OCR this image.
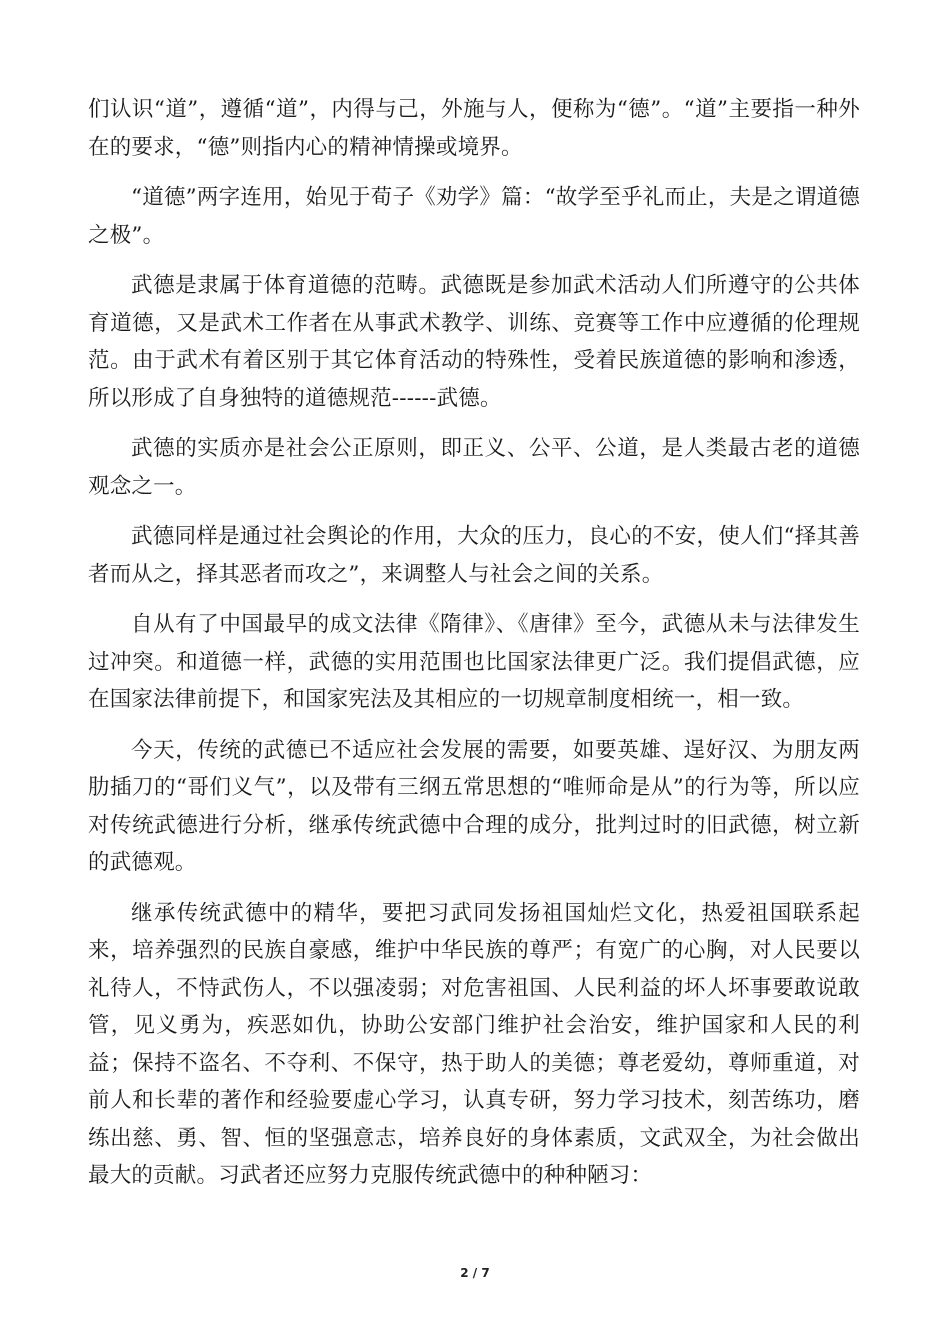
们认识“道”，遵循“道”，内得与己，外施与人，便称为“德”。“道”主要指一种外在的要求，“德”则指内心的精神情操或境界。

“道德”两字连用，始见于荀子《劝学》篇：“故学至乎礼而止，夫是之谓道德之极”。

武德是隶属于体育道德的范畴。武德既是参加武术活动人们所遵守的公共体育道德，又是武术工作者在从事武术教学、训练、竞赛等工作中应遵循的伦理规范。由于武术有着区别于其它体育活动的特殊性，受着民族道德的影响和渗透，所以形成了自身独特的道德规范------武德。

武德的实质亦是社会公正原则，即正义、公平、公道，是人类最古老的道德观念之一。

武德同样是通过社会舆论的作用，大众的压力，良心的不安，使人们“择其善者而从之，择其恶者而攻之”，来调整人与社会之间的关系。

自从有了中国最早的成文法律《隋律》、《唐律》至今，武德从未与法律发生过冲突。和道德一样，武德的实用范围也比国家法律更广泛。我们提倡武德，应在国家法律前提下，和国家宪法及其相应的一切规章制度相统一，相一致。

今天，传统的武德已不适应社会发展的需要，如要英雄、逞好汉、为朋友两肋插刀的“哥们义气”，以及带有三纲五常思想的“唯师命是从”的行为等，所以应对传统武德进行分析，继承传统武德中合理的成分，批判过时的旧武德，树立新的武德观。

继承传统武德中的精华，要把习武同发扬祖国灿烂文化，热爱祖国联系起来，培养强烈的民族自豪感，维护中华民族的尊严；有宽广的心胸，对人民要以礼待人，不恃武伤人，不以强凌弱；对危害祖国、人民利益的坏人坏事要敢说敢管，见义勇为，疾恶如仇，协助公安部门维护社会治安，维护国家和人民的利益；保持不盗名、不夺利、不保守，热于助人的美德；尊老爱幼，尊师重道，对前人和长辈的著作和经验要虚心学习，认真专研，努力学习技术，刻苦练功，磨练出慈、勇、智、恒的坚强意志，培养良好的身体素质，文武双全，为社会做出最大的贡献。习武者还应努力克服传统武德中的种种陋习：

2 / 7
